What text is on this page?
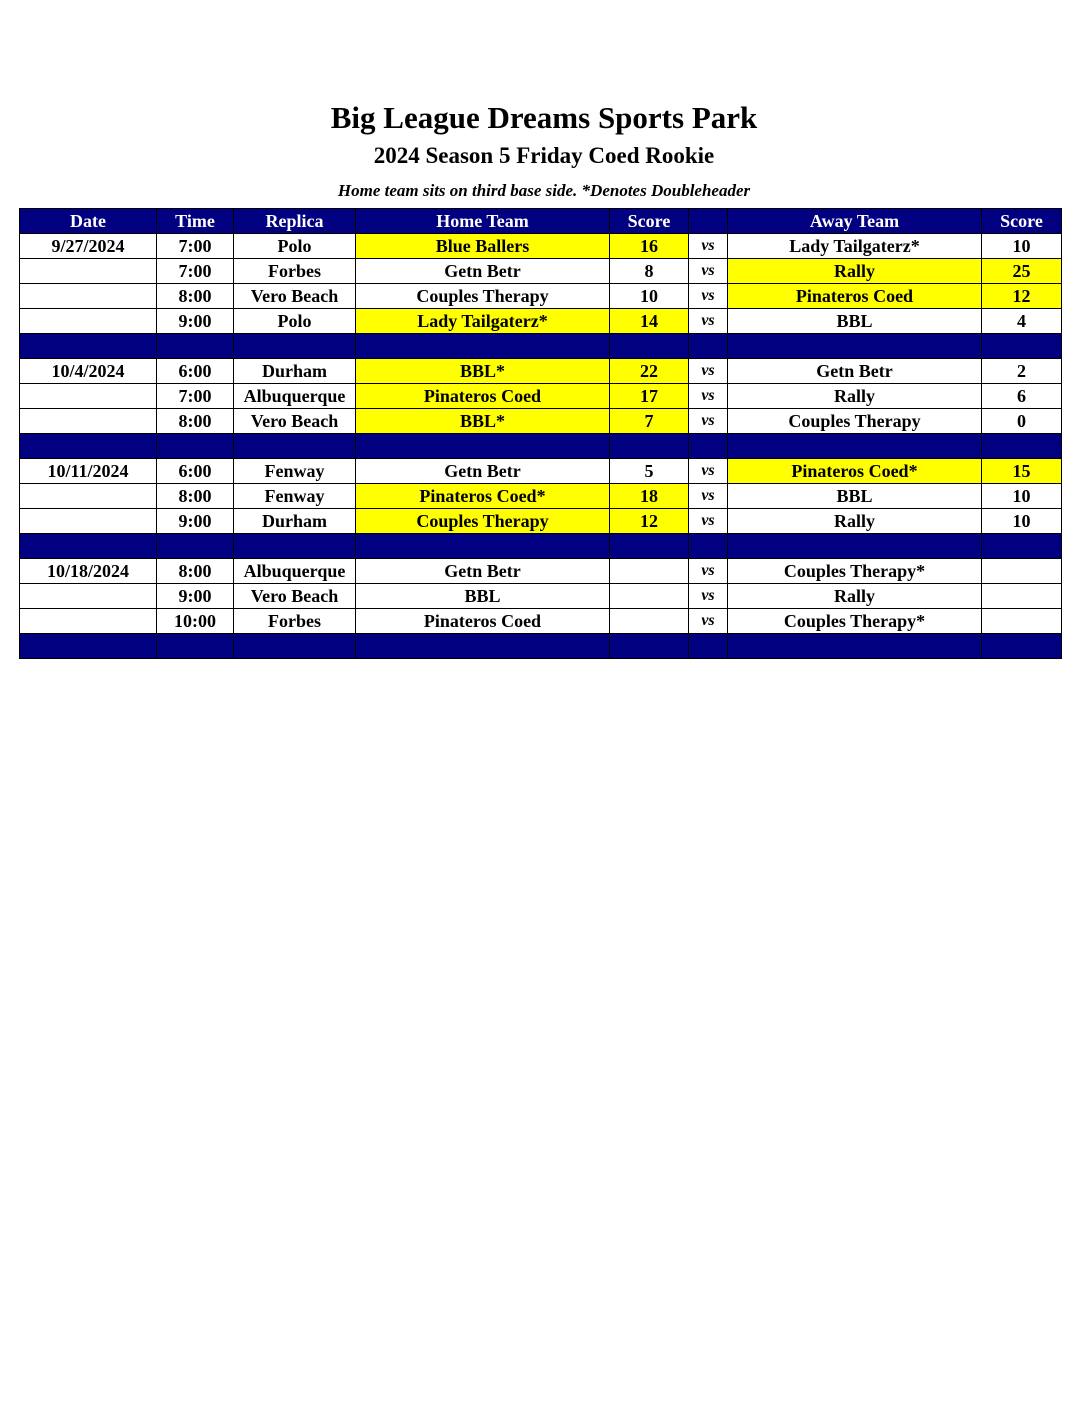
Big League Dreams Sports Park
2024 Season 5 Friday Coed Rookie
Home team sits on third base side. *Denotes Doubleheader
Date	Time	Replica	Home Team	Score		Away Team	Score
9/27/2024	7:00	Polo	Blue Ballers	16	vs	Lady Tailgaterz*	10
	7:00	Forbes	Getn Betr	8	vs	Rally	25
	8:00	Vero Beach	Couples Therapy	10	vs	Pinateros Coed	12
	9:00	Polo	Lady Tailgaterz*	14	vs	BBL	4

10/4/2024	6:00	Durham	BBL*	22	vs	Getn Betr	2
	7:00	Albuquerque	Pinateros Coed	17	vs	Rally	6
	8:00	Vero Beach	BBL*	7	vs	Couples Therapy	0

10/11/2024	6:00	Fenway	Getn Betr	5	vs	Pinateros Coed*	15
	8:00	Fenway	Pinateros Coed*	18	vs	BBL	10
	9:00	Durham	Couples Therapy	12	vs	Rally	10

10/18/2024	8:00	Albuquerque	Getn Betr		vs	Couples Therapy*	
	9:00	Vero Beach	BBL		vs	Rally	
	10:00	Forbes	Pinateros Coed		vs	Couples Therapy*	
